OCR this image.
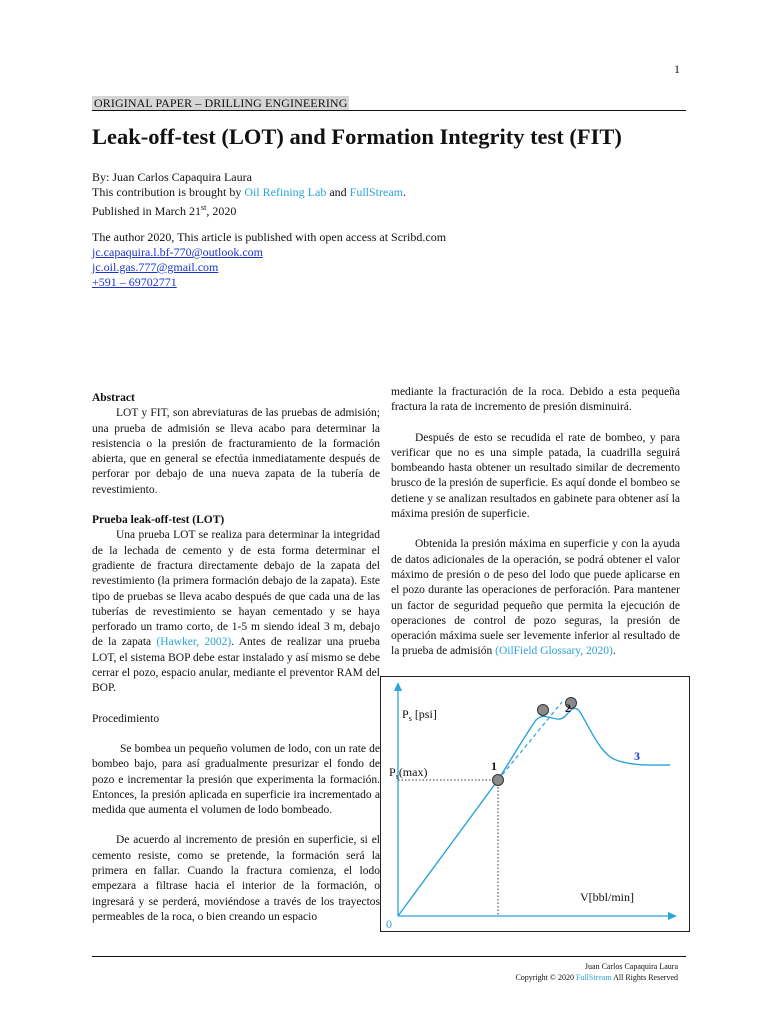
1
ORIGINAL PAPER – DRILLING ENGINEERING
Leak-off-test (LOT) and Formation Integrity test (FIT)
By: Juan Carlos Capaquira Laura
This contribution is brought by Oil Refining Lab and FullStream.
Published in March 21st, 2020
The author 2020, This article is published with open access at Scribd.com
jc.capaquira.l.bf-770@outlook.com
jc.oil.gas.777@gmail.com
+591 – 69702771

Abstract

LOT y FIT, son abreviaturas de las pruebas de admisión; una prueba de admisión se lleva acabo para determinar la resistencia o la presión de fracturamiento de la formación abierta, que en general se efectúa inmediatamente después de perforar por debajo de una nueva zapata de la tubería de revestimiento.

Prueba leak-off-test (LOT)

Una prueba LOT se realiza para determinar la integridad de la lechada de cemento y de esta forma determinar el gradiente de fractura directamente debajo de la zapata del revestimiento (la primera formación debajo de la zapata). Este tipo de pruebas se lleva acabo después de que cada una de las tuberías de revestimiento se hayan cementado y se haya perforado un tramo corto, de 1-5 m siendo ideal 3 m, debajo de la zapata (Hawker, 2002). Antes de realizar una prueba LOT, el sistema BOP debe estar instalado y así mismo se debe cerrar el pozo, espacio anular, mediante el preventor RAM del BOP.

Procedimiento

Se bombea un pequeño volumen de lodo, con un rate de bombeo bajo, para así gradualmente presurizar el fondo de pozo e incrementar la presión que experimenta la formación. Entonces, la presión aplicada en superficie ira incrementado a medida que aumenta el volumen de lodo bombeado.

De acuerdo al incremento de presión en superficie, si el cemento resiste, como se pretende, la formación será la primera en fallar. Cuando la fractura comienza, el lodo empezara a filtrase hacia el interior de la formación, o ingresará y se perderá, moviéndose a través de los trayectos permeables de la roca, o bien creando un espacio

mediante la fracturación de la roca. Debido a esta pequeña fractura la rata de incremento de presión disminuirá.

Después de esto se recudida el rate de bombeo, y para verificar que no es una simple patada, la cuadrilla seguirá bombeando hasta obtener un resultado similar de decremento brusco de la presión de superficie. Es aquí donde el bombeo se detiene y se analizan resultados en gabinete para obtener así la máxima presión de superficie.

Obtenida la presión máxima en superficie y con la ayuda de datos adicionales de la operación, se podrá obtener el valor máximo de presión o de peso del lodo que puede aplicarse en el pozo durante las operaciones de perforación. Para mantener un factor de seguridad pequeño que permita la ejecución de operaciones de control de pozo seguras, la presión de operación máxima suele ser levemente inferior al resultado de la prueba de admisión (OilField Glossary, 2020).

$P_s$ [psi]
$P_s(\max)$
V[bbl/min]
0
1
2
3
Juan Carlos Capaquira Laura
Copyright © 2020 FullStream All Rights Reserved
